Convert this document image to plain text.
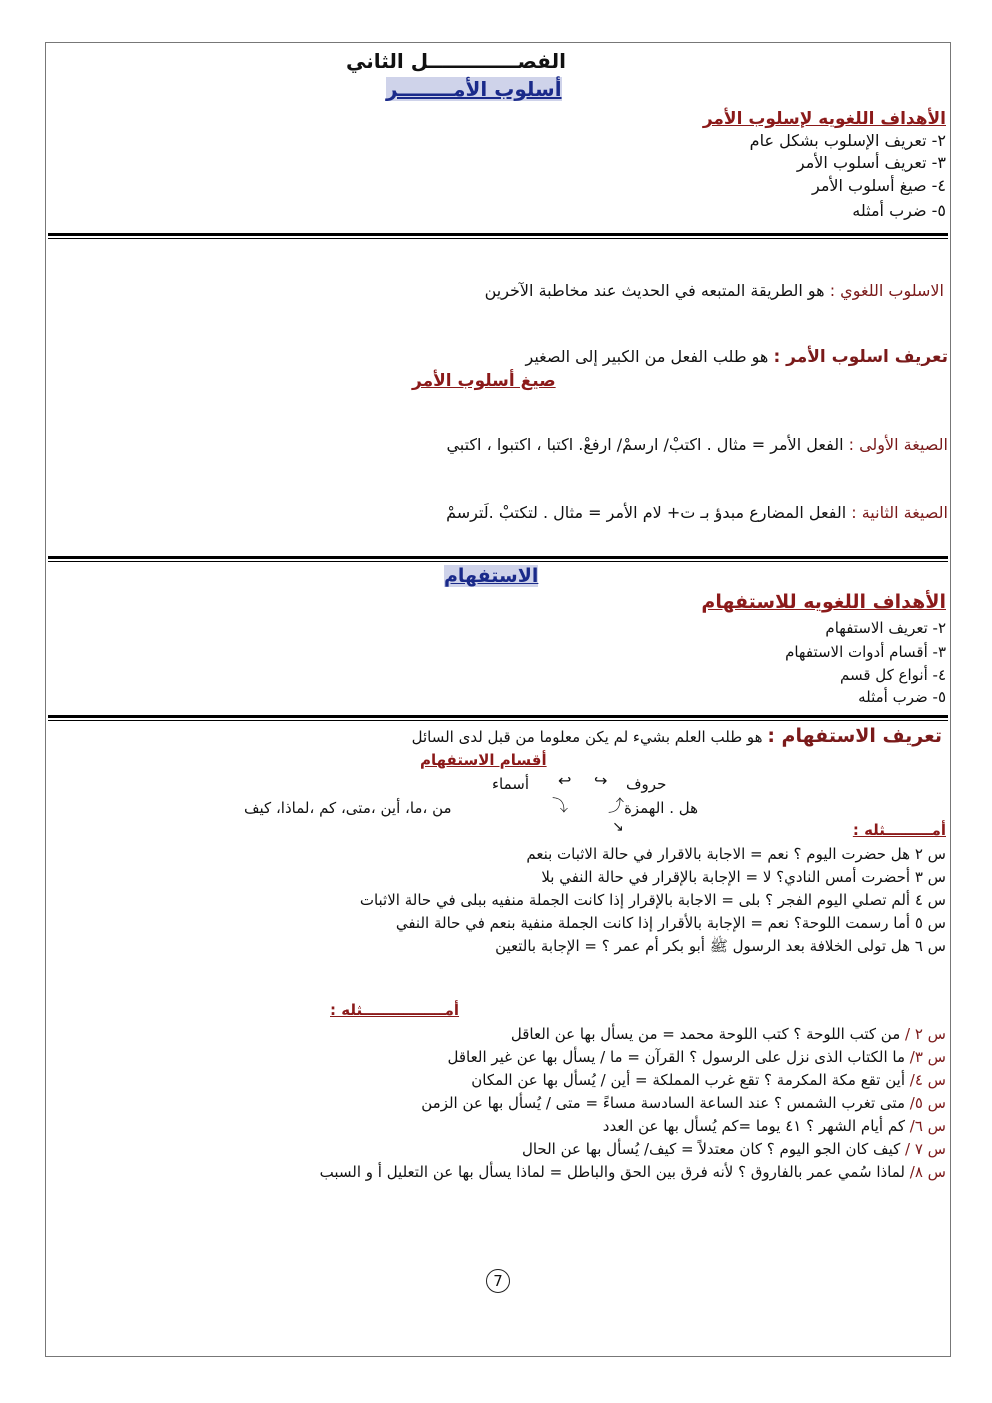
الفصـــــــــــــل الثاني
أسلوب الأمــــــــر
الأهداف اللغويه لإسلوب الأمر
٢- تعريف الإسلوب بشكل عام
٣- تعريف أسلوب الأمر
٤- صيغ أسلوب الأمر
٥- ضرب أمثله
الاسلوب اللغوي : هو الطريقة المتبعه في الحديث عند مخاطبة الآخرين
تعريف اسلوب الأمر : هو طلب الفعل من الكبير إلى الصغير
صيغ أسلوب الأمر
الصيغة الأولى : الفعل الأمر = مثال . اكتبْ/ ارسمْ/ ارفعْ. اكتبا ، اكتبوا ، اكتبي
الصيغة الثانية : الفعل المضارع مبدؤ بـ ت+ لام الأمر = مثال . لتكتبْ .لَترسمْ
الاستفهام
الأهداف اللغويه للاستفهام
٢- تعريف الاستفهام
٣- أقسام أدوات الاستفهام
٤- أنواع كل قسم
٥- ضرب أمثله
تعريف الاستفهام : هو طلب العلم بشيء لم يكن معلوما من قبل لدى السائل
أقسام الاستفهام
حروف
↪
↩
أسماء
هل . الهمزة
⤴
⤵
من ،ما، أين ،متى، كم ،لماذا، كيف
أمـــــــــثله :
↘
س ٢ هل حضرت اليوم ؟ نعم = الاجابة بالاقرار في حالة الاثبات بنعم
س ٣ أحضرت أمس النادي؟ لا = الإجابة بالإقرار في حالة النفي بلا
س ٤ ألم تصلي اليوم الفجر ؟ بلى = الاجابة بالإقرار إذا كانت الجملة منفيه ببلى في حالة الاثبات
س ٥ أما رسمت اللوحة؟ نعم = الإجابة بالأقرار إذا كانت الجملة منفية بنعم في حالة النفي
س ٦ هل تولى الخلافة بعد الرسول ﷺ أبو بكر أم عمر ؟ = الإجابة بالتعين
أمــــــــــــــــثله :
س ٢ / من كتب اللوحة ؟ كتب اللوحة محمد = من يسأل بها عن العاقل
س ٣/ ما الكتاب الذى نزل على الرسول ؟ القرآن = ما / يسأل بها عن غير العاقل
س ٤/ أين تقع مكة المكرمة ؟ تقع غرب المملكة = أين / يُسأل بها عن المكان
س ٥/ متى تغرب الشمس ؟ عند الساعة السادسة مساءً = متى / يُسأل بها عن الزمن
س ٦/ كم أيام الشهر ؟ ٤١ يوما =كم يُسأل بها عن العدد
س ٧ / كيف كان الجو اليوم ؟ كان معتدلاً = كيف/ يُسأل بها عن الحال
س ٨/ لماذا سُمي عمر بالفاروق ؟ لأنه فرق بين الحق والباطل = لماذا يسأل بها عن التعليل أ و السبب
7
